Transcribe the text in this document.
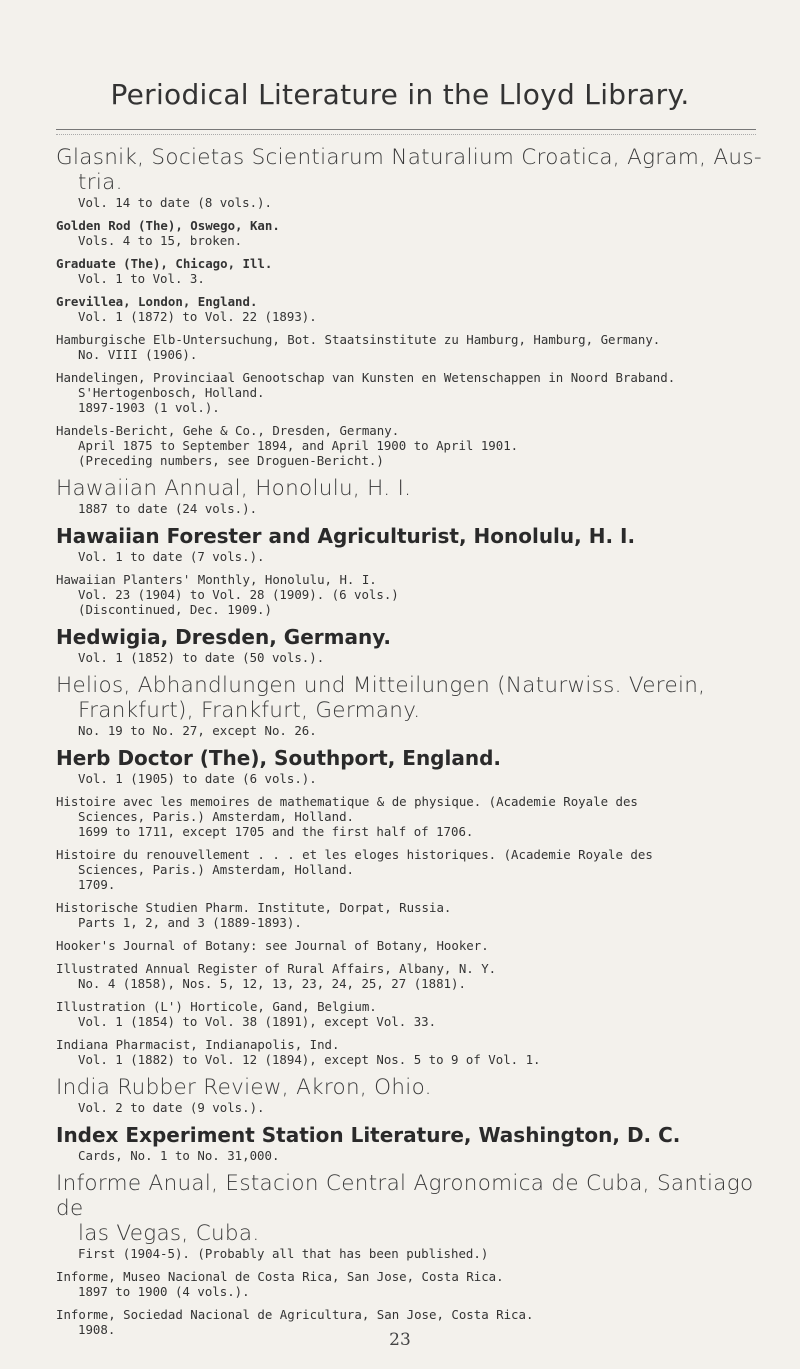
Periodical Literature in the Lloyd Library.
Glasnik, Societas Scientiarum Naturalium Croatica, Agram, Aus-
tria.
Vol. 14 to date (8 vols.).
Golden Rod (The), Oswego, Kan.
Vols. 4 to 15, broken.
Graduate (The), Chicago, Ill.
Vol. 1 to Vol. 3.
Grevillea, London, England.
Vol. 1 (1872) to Vol. 22 (1893).
Hamburgische Elb-Untersuchung, Bot. Staatsinstitute zu Hamburg, Hamburg, Germany.
No. VIII (1906).
Handelingen, Provinciaal Genootschap van Kunsten en Wetenschappen in Noord Braband.
S'Hertogenbosch, Holland.
1897-1903 (1 vol.).
Handels-Bericht, Gehe & Co., Dresden, Germany.
April 1875 to September 1894, and April 1900 to April 1901.
(Preceding numbers, see Droguen-Bericht.)
Hawaiian Annual, Honolulu, H. I.
1887 to date (24 vols.).
Hawaiian Forester and Agriculturist, Honolulu, H. I.
Vol. 1 to date (7 vols.).
Hawaiian Planters' Monthly, Honolulu, H. I.
Vol. 23 (1904) to Vol. 28 (1909). (6 vols.)
(Discontinued, Dec. 1909.)
Hedwigia, Dresden, Germany.
Vol. 1 (1852) to date (50 vols.).
Helios, Abhandlungen und Mitteilungen (Naturwiss. Verein,
Frankfurt), Frankfurt, Germany.
No. 19 to No. 27, except No. 26.
Herb Doctor (The), Southport, England.
Vol. 1 (1905) to date (6 vols.).
Histoire avec les memoires de mathematique & de physique. (Academie Royale des
Sciences, Paris.) Amsterdam, Holland.
1699 to 1711, except 1705 and the first half of 1706.
Histoire du renouvellement . . . et les eloges historiques. (Academie Royale des
Sciences, Paris.) Amsterdam, Holland.
1709.
Historische Studien Pharm. Institute, Dorpat, Russia.
Parts 1, 2, and 3 (1889-1893).
Hooker's Journal of Botany: see Journal of Botany, Hooker.
Illustrated Annual Register of Rural Affairs, Albany, N. Y.
No. 4 (1858), Nos. 5, 12, 13, 23, 24, 25, 27 (1881).
Illustration (L') Horticole, Gand, Belgium.
Vol. 1 (1854) to Vol. 38 (1891), except Vol. 33.
Indiana Pharmacist, Indianapolis, Ind.
Vol. 1 (1882) to Vol. 12 (1894), except Nos. 5 to 9 of Vol. 1.
India Rubber Review, Akron, Ohio.
Vol. 2 to date (9 vols.).
Index Experiment Station Literature, Washington, D. C.
Cards, No. 1 to No. 31,000.
Informe Anual, Estacion Central Agronomica de Cuba, Santiago de
las Vegas, Cuba.
First (1904-5). (Probably all that has been published.)
Informe, Museo Nacional de Costa Rica, San Jose, Costa Rica.
1897 to 1900 (4 vols.).
Informe, Sociedad Nacional de Agricultura, San Jose, Costa Rica.
1908.
23
